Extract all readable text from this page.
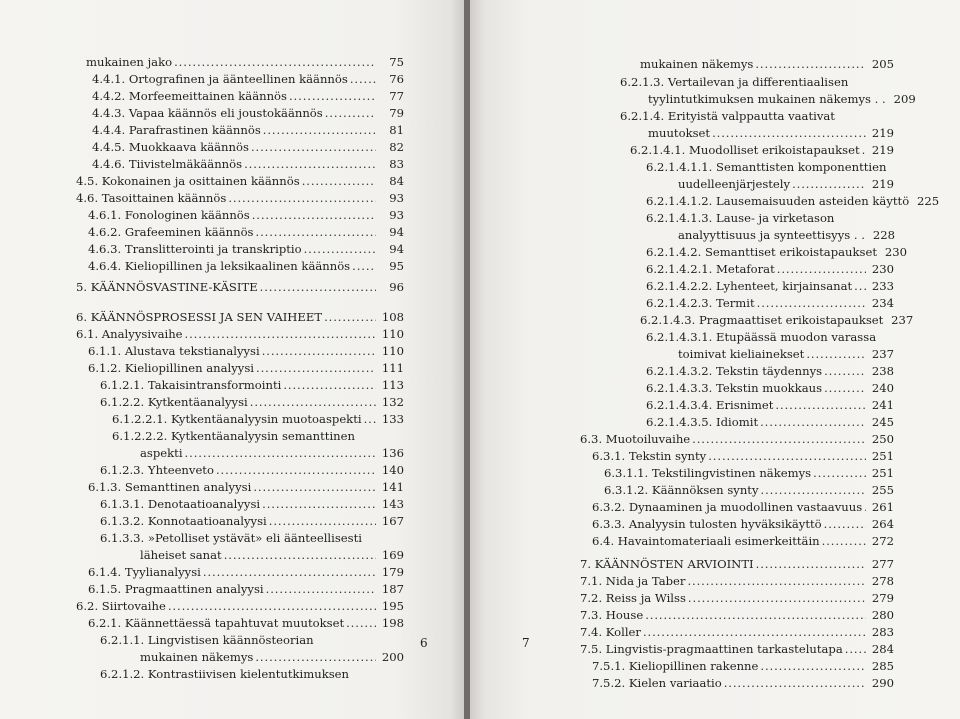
mukainen jako . . .	75
4.4.1. Ortografinen ja äänteellinen käännös . . .	76
4.4.2. Morfeemeittainen käännös . . .	77
4.4.3. Vapaa käännös eli joustokäännös . . .	79
4.4.4. Parafrastinen käännös . . .	81
4.4.5. Muokkaava käännös . . .	82
4.4.6. Tiivistelmäkäännös . . .	83
4.5. Kokonainen ja osittainen käännös . . .	84
4.6. Tasoittainen käännös . . .	93
4.6.1. Fonologinen käännös . . .	93
4.6.2. Grafeeminen käännös . . .	94
4.6.3. Translitterointi ja transkriptio . . .	94
4.6.4. Kieliopillinen ja leksikaalinen käännös . . .	95
5. KÄÄNNÖSVASTINE-KÄSITE . . .	96
6. KÄÄNNÖSPROSESSI JA SEN VAIHEET . . .	108
6.1. Analyysivaihe . . .	110
6.1.1. Alustava tekstianalyysi . . .	110
6.1.2. Kieliopillinen analyysi . . .	111
6.1.2.1. Takaisintransformointi . . .	113
6.1.2.2. Kytkentäanalyysi . . .	132
6.1.2.2.1. Kytkentäanalyysin muotoaspekti . . .	133
6.1.2.2.2. Kytkentäanalyysin semanttinen
aspekti . . .	136
6.1.2.3. Yhteenveto . . .	140
6.1.3. Semanttinen analyysi . . .	141
6.1.3.1. Denotaatioanalyysi . . .	143
6.1.3.2. Konnotaatioanalyysi . . .	167
6.1.3.3. »Petolliset ystävät» eli äänteellisesti
läheiset sanat . . .	169
6.1.4. Tyylianalyysi . . .	179
6.1.5. Pragmaattinen analyysi . . .	187
6.2. Siirtovaihe . . .	195
6.2.1. Käännettäessä tapahtuvat muutokset . . .	198
6.2.1.1. Lingvistisen käännösteorian
mukainen näkemys . . .	200
6.2.1.2. Kontrastiivisen kielentutkimuksen
6
mukainen näkemys . . .	205
6.2.1.3. Vertailevan ja differentiaalisen
tyylintutkimuksen mukainen näkemys . . 209
6.2.1.4. Erityistä valppautta vaativat
muutokset . . .	219
6.2.1.4.1. Muodolliset erikoistapaukset . . .	219
6.2.1.4.1.1. Semanttisten komponenttien
uudelleenjärjestely . . .	219
6.2.1.4.1.2. Lausemaisuuden asteiden käyttö 225
6.2.1.4.1.3. Lause- ja virketason
analyyttisuus ja synteettisyys . . 228
6.2.1.4.2. Semanttiset erikoistapaukset 230
6.2.1.4.2.1. Metaforat . . .	230
6.2.1.4.2.2. Lyhenteet, kirjainsanat . . .	233
6.2.1.4.2.3. Termit . . .	234
6.2.1.4.3. Pragmaattiset erikoistapaukset 237
6.2.1.4.3.1. Etupäässä muodon varassa
toimivat kielіainekset . . .	237
6.2.1.4.3.2. Tekstin täydennys . . .	238
6.2.1.4.3.3. Tekstin muokkaus . . .	240
6.2.1.4.3.4. Erisnimet . . .	241
6.2.1.4.3.5. Idiomit . . .	245
6.3. Muotoiluvaihe . . .	250
6.3.1. Tekstin synty . . .	251
6.3.1.1. Tekstilingvistinen näkemys . . .	251
6.3.1.2. Käännöksen synty . . .	255
6.3.2. Dynaaminen ja muodollinen vastaavuus . . . 261
6.3.3. Analyysin tulosten hyväksikäyttö . . .	264
6.4. Havaintomateriaali esimerkeittäin . . .	272
7. KÄÄNNÖSTEN ARVIOINTI . . .	277
7.1. Nida ja Taber . . .	278
7.2. Reiss ja Wilss . . .	279
7.3. House . . .	280
7.4. Koller . . .	283
7.5. Lingvistis-pragmaattinen tarkastelutapa . . .	284
7.5.1. Kieliopillinen rakenne . . .	285
7.5.2. Kielen variaatio . . .	290
7
